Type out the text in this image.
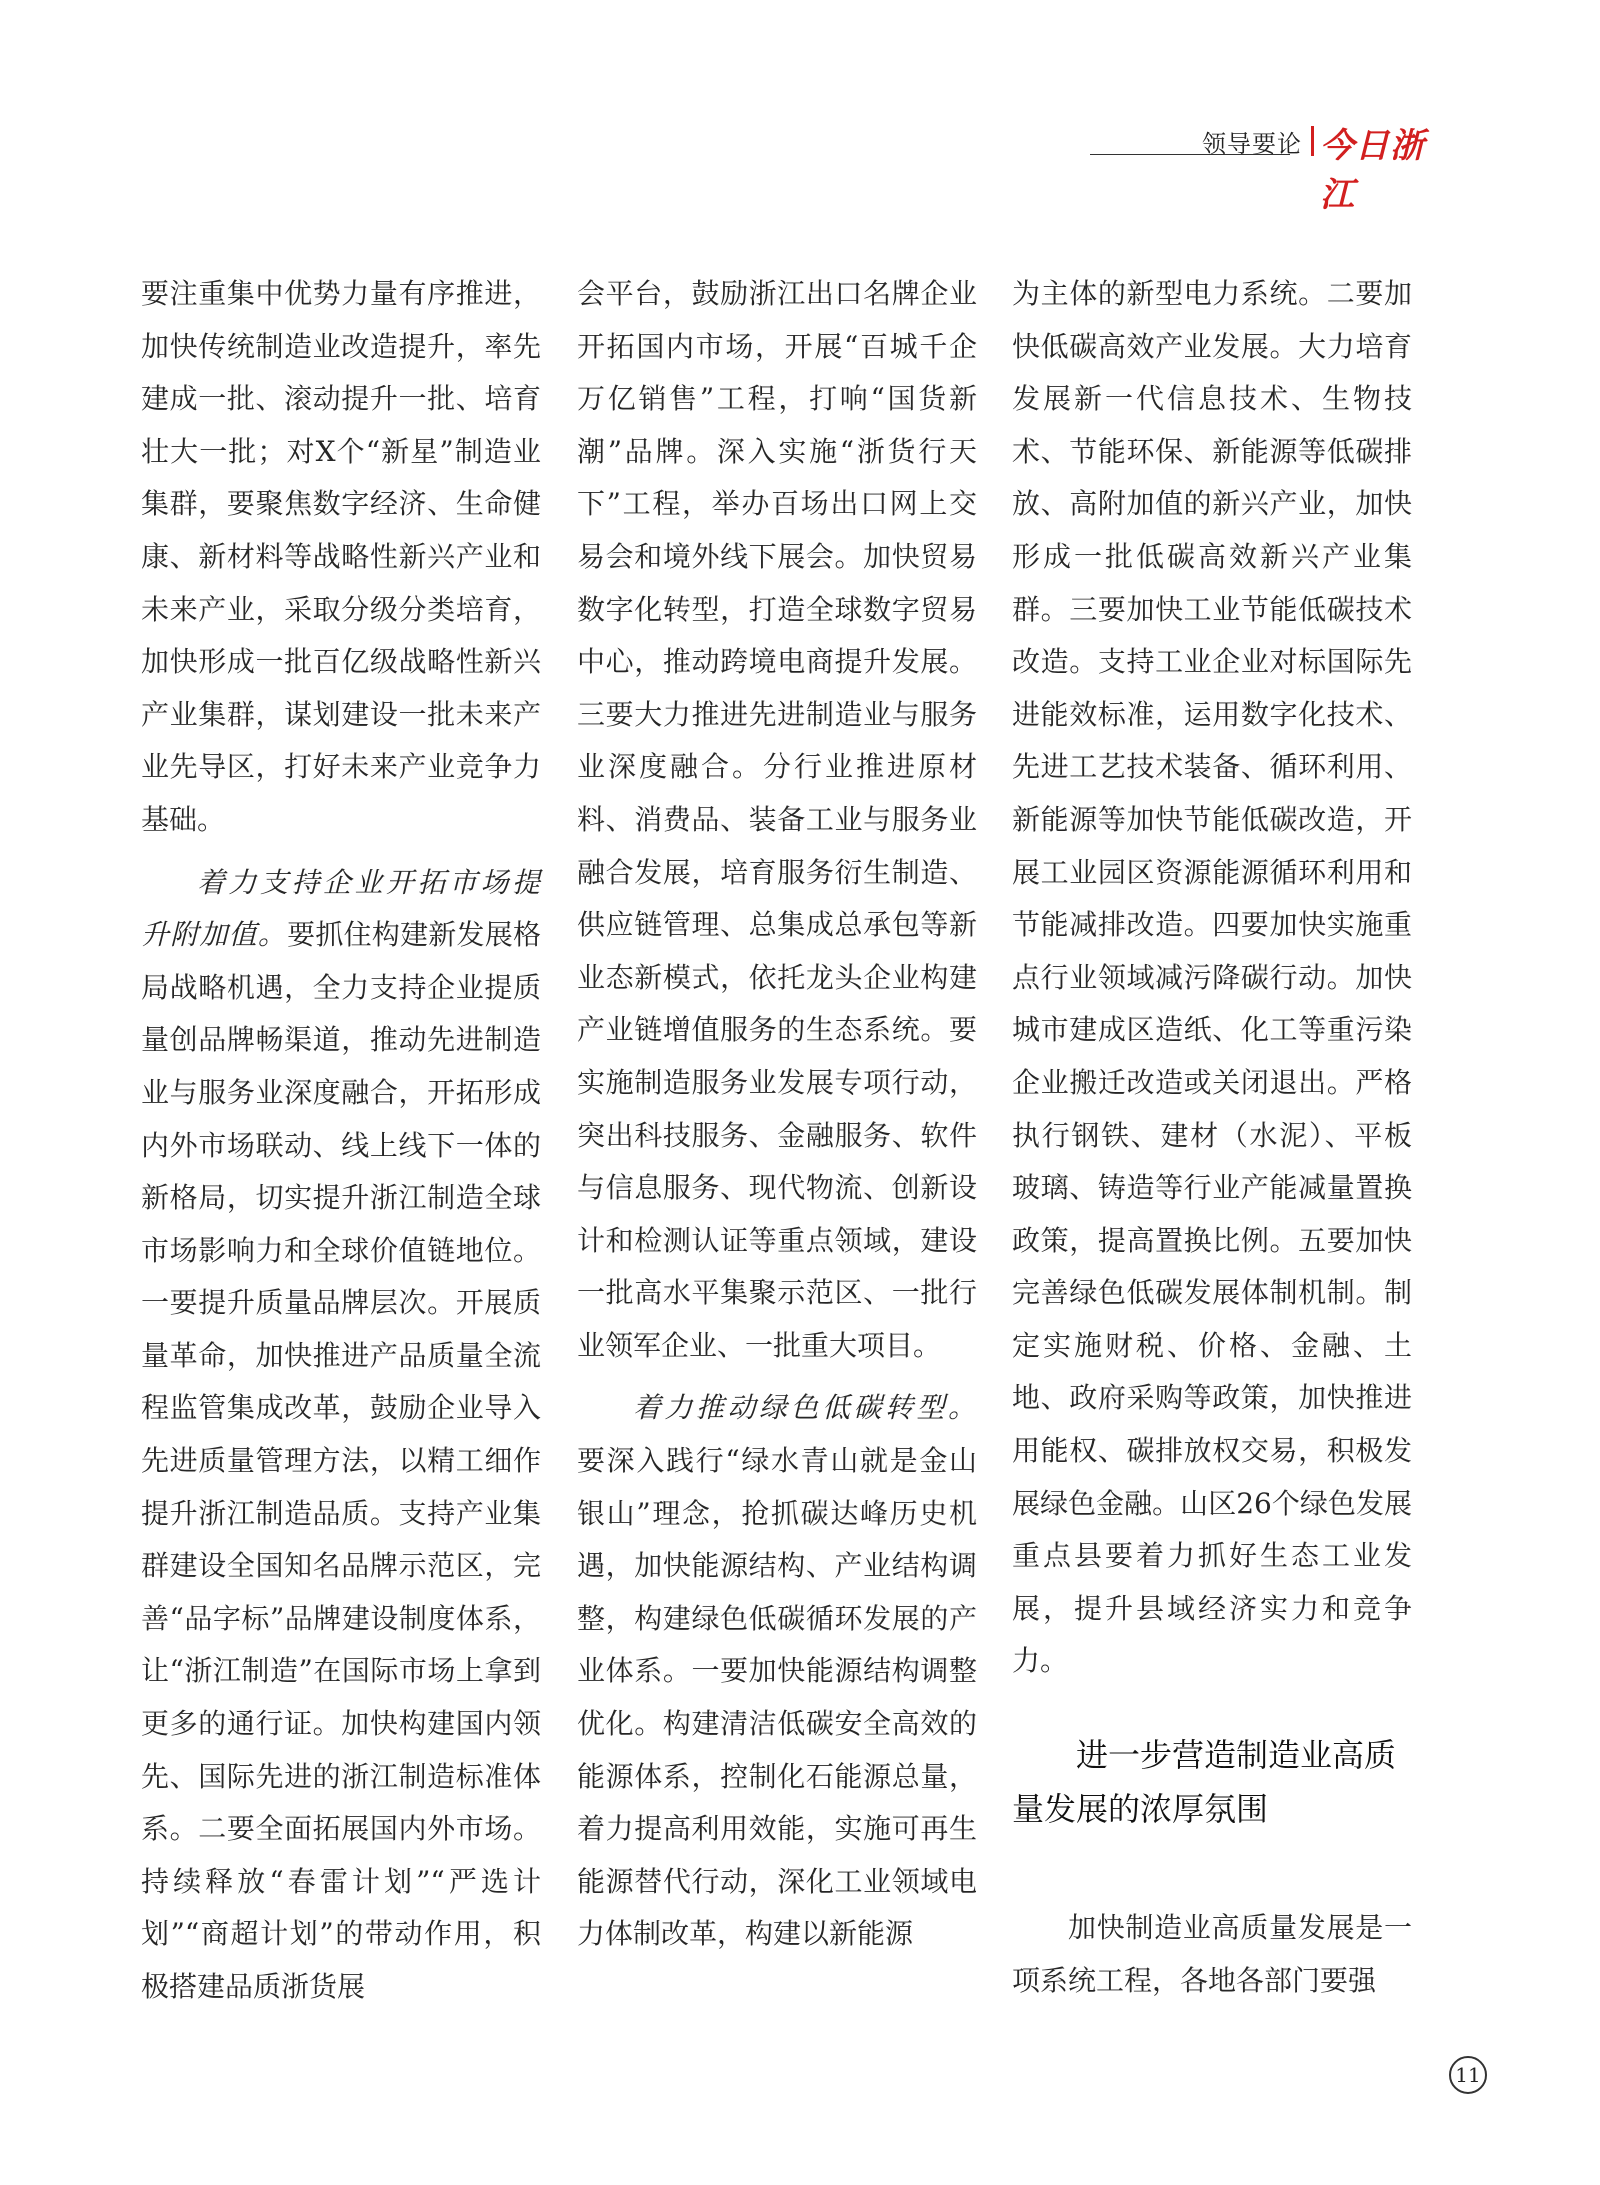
领导要论 今日浙江

要注重集中优势力量有序推进，加快传统制造业改造提升，率先建成一批、滚动提升一批、培育壮大一批；对X个“新星”制造业集群，要聚焦数字经济、生命健康、新材料等战略性新兴产业和未来产业，采取分级分类培育，加快形成一批百亿级战略性新兴产业集群，谋划建设一批未来产业先导区，打好未来产业竞争力基础。

着力支持企业开拓市场提升附加值。要抓住构建新发展格局战略机遇，全力支持企业提质量创品牌畅渠道，推动先进制造业与服务业深度融合，开拓形成内外市场联动、线上线下一体的新格局，切实提升浙江制造全球市场影响力和全球价值链地位。一要提升质量品牌层次。开展质量革命，加快推进产品质量全流程监管集成改革，鼓励企业导入先进质量管理方法，以精工细作提升浙江制造品质。支持产业集群建设全国知名品牌示范区，完善“品字标”品牌建设制度体系，让“浙江制造”在国际市场上拿到更多的通行证。加快构建国内领先、国际先进的浙江制造标准体系。二要全面拓展国内外市场。持续释放“春雷计划”“严选计划”“商超计划”的带动作用，积极搭建品质浙货展

会平台，鼓励浙江出口名牌企业开拓国内市场，开展“百城千企万亿销售”工程，打响“国货新潮”品牌。深入实施“浙货行天下”工程，举办百场出口网上交易会和境外线下展会。加快贸易数字化转型，打造全球数字贸易中心，推动跨境电商提升发展。三要大力推进先进制造业与服务业深度融合。分行业推进原材料、消费品、装备工业与服务业融合发展，培育服务衍生制造、供应链管理、总集成总承包等新业态新模式，依托龙头企业构建产业链增值服务的生态系统。要实施制造服务业发展专项行动，突出科技服务、金融服务、软件与信息服务、现代物流、创新设计和检测认证等重点领域，建设一批高水平集聚示范区、一批行业领军企业、一批重大项目。

着力推动绿色低碳转型。要深入践行“绿水青山就是金山银山”理念，抢抓碳达峰历史机遇，加快能源结构、产业结构调整，构建绿色低碳循环发展的产业体系。一要加快能源结构调整优化。构建清洁低碳安全高效的能源体系，控制化石能源总量，着力提高利用效能，实施可再生能源替代行动，深化工业领域电力体制改革，构建以新能源

为主体的新型电力系统。二要加快低碳高效产业发展。大力培育发展新一代信息技术、生物技术、节能环保、新能源等低碳排放、高附加值的新兴产业，加快形成一批低碳高效新兴产业集群。三要加快工业节能低碳技术改造。支持工业企业对标国际先进能效标准，运用数字化技术、先进工艺技术装备、循环利用、新能源等加快节能低碳改造，开展工业园区资源能源循环利用和节能减排改造。四要加快实施重点行业领域减污降碳行动。加快城市建成区造纸、化工等重污染企业搬迁改造或关闭退出。严格执行钢铁、建材（水泥）、平板玻璃、铸造等行业产能减量置换政策，提高置换比例。五要加快完善绿色低碳发展体制机制。制定实施财税、价格、金融、土地、政府采购等政策，加快推进用能权、碳排放权交易，积极发展绿色金融。山区26个绿色发展重点县要着力抓好生态工业发展，提升县域经济实力和竞争力。

进一步营造制造业高质量发展的浓厚氛围

加快制造业高质量发展是一项系统工程，各地各部门要强

11
